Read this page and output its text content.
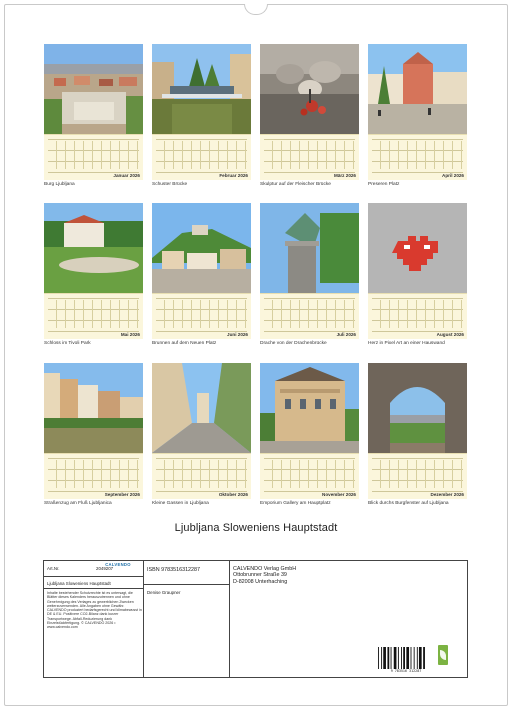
Januar 2026
Burg Ljubljana
Februar 2026
Schuster Brücke
März 2026
Skulptur auf der Fleischer Brücke
April 2026
Preseren Platz
Mai 2026
Schloss im Tivoli Park
Juni 2026
Brunnen auf dem Neuen Platz
Juli 2026
Drache von der Drachenbrücke
August 2026
Herz in Pixel Art an einer Hauswand
September 2026
Straßenzug am Fluß Ljubljanica
Oktober 2026
Kleine Gassen in Ljubljana
November 2026
Emporium Gallery am Hauptplatz
Dezember 2026
Blick durchs Burgfenster auf Ljubljana
Ljubljana Sloweniens Hauptstadt
Art.Nr.	2049207
CALVENDO
Ljubljana Sloweniens Hauptstadt
Inhalte bestehender Schutzrechte ist es untersagt, die Blätter dieses Kalenders herauszutrennen und ohne Genehmigung des Verlages zu gewerblichen Zwecken weiterzuverwenden. Alle Angaben ohne Gewähr. CALVENDO produziert bedarfsgerecht und klimabewusst in DE & EU. Positivere CO2-Bilanz dank kurzer Transportwege. Abfall-Reduzierung dank Einzelstückfertigung. © CALVENDO 2026 • www.calvendo.com
ISBN 9783516312287
Denise Graupner
CALVENDO Verlag GmbH
Ottobrunner Straße 39
D-82008 Unterhaching
9 783516 312287
